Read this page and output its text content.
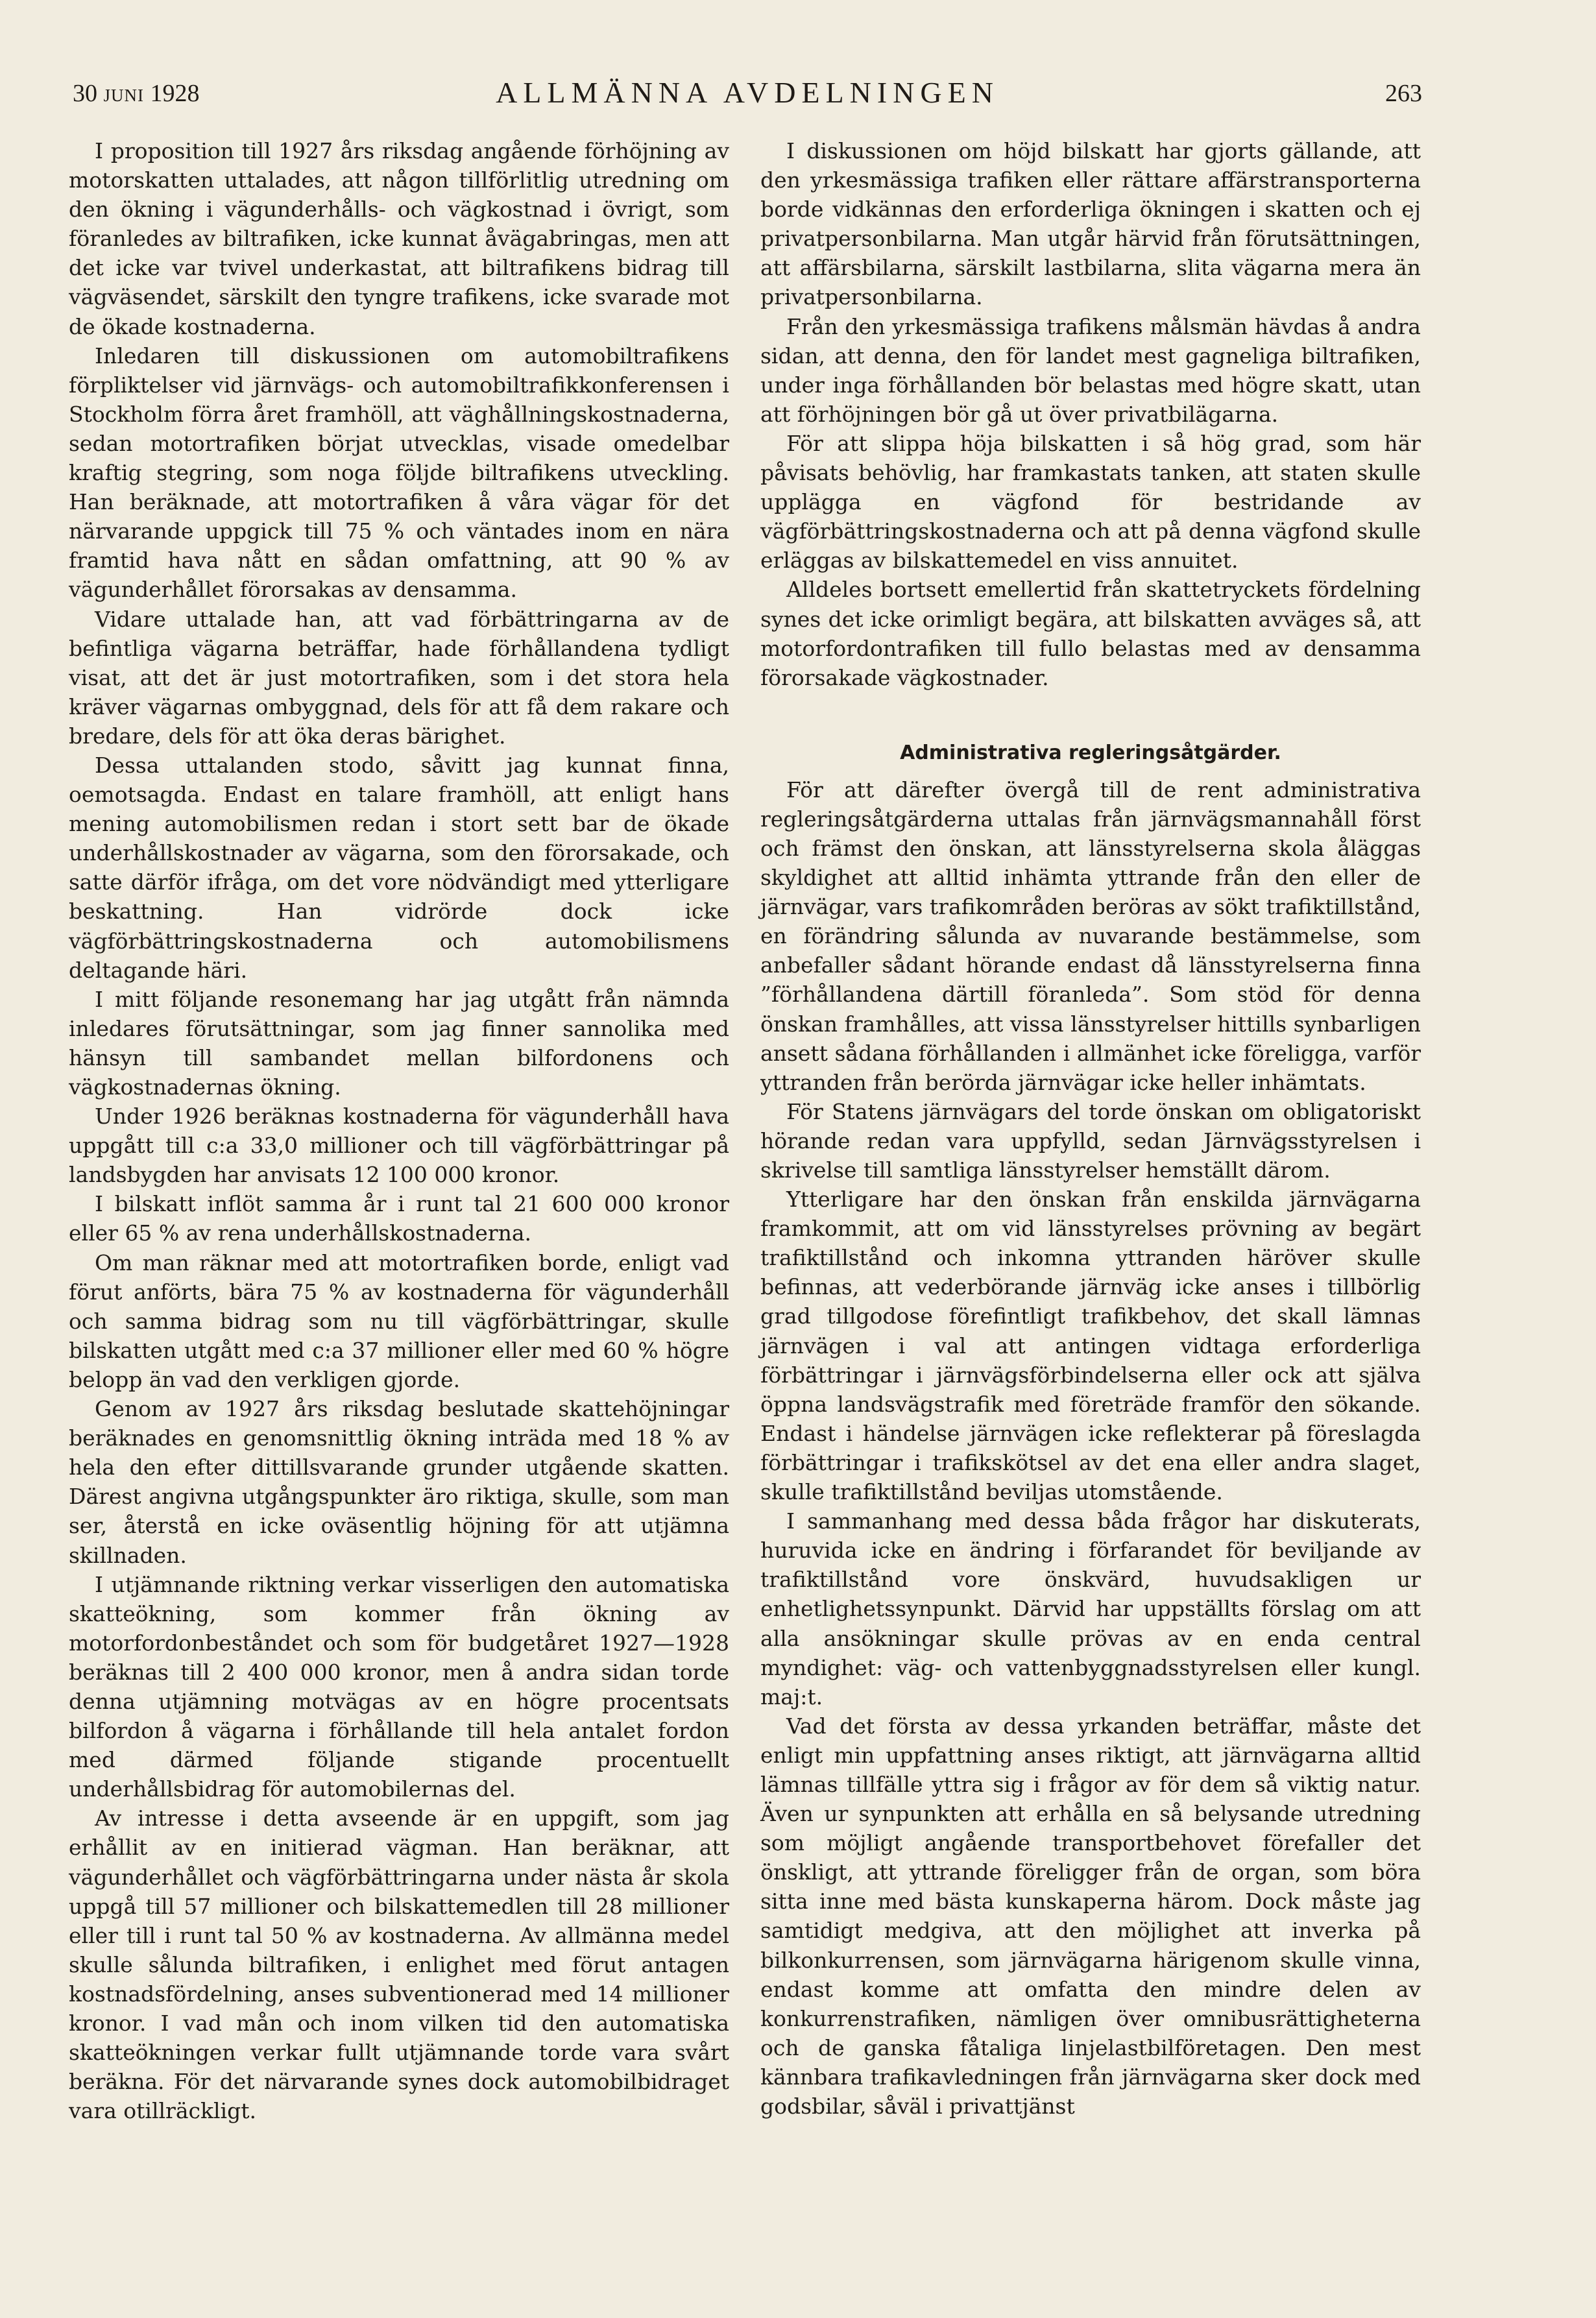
30 JUNI 1928	ALLMÄNNA AVDELNINGEN	263

I proposition till 1927 års riksdag angående förhöjning av motorskatten uttalades, att någon tillförlitlig utredning om den ökning i vägunderhålls- och vägkostnad i övrigt, som föranledes av biltrafiken, icke kunnat åvägabringas, men att det icke var tvivel underkastat, att biltrafikens bidrag till vägväsendet, särskilt den tyngre trafikens, icke svarade mot de ökade kostnaderna.

Inledaren till diskussionen om automobiltrafikens förpliktelser vid järnvägs- och automobiltrafikkonferensen i Stockholm förra året framhöll, att väghållningskostnaderna, sedan motortrafiken börjat utvecklas, visade omedelbar kraftig stegring, som noga följde biltrafikens utveckling. Han beräknade, att motortrafiken å våra vägar för det närvarande uppgick till 75 % och väntades inom en nära framtid hava nått en sådan omfattning, att 90 % av vägunderhållet förorsakas av densamma.

Vidare uttalade han, att vad förbättringarna av de befintliga vägarna beträffar, hade förhållandena tydligt visat, att det är just motortrafiken, som i det stora hela kräver vägarnas ombyggnad, dels för att få dem rakare och bredare, dels för att öka deras bärighet.

Dessa uttalanden stodo, såvitt jag kunnat finna, oemotsagda. Endast en talare framhöll, att enligt hans mening automobilismen redan i stort sett bar de ökade underhållskostnader av vägarna, som den förorsakade, och satte därför ifråga, om det vore nödvändigt med ytterligare beskattning. Han vidrörde dock icke vägförbättringskostnaderna och automobilismens deltagande häri.

I mitt följande resonemang har jag utgått från nämnda inledares förutsättningar, som jag finner sannolika med hänsyn till sambandet mellan bilfordonens och vägkostnadernas ökning.

Under 1926 beräknas kostnaderna för vägunderhåll hava uppgått till c:a 33,0 millioner och till vägförbättringar på landsbygden har anvisats 12 100 000 kronor.

I bilskatt inflöt samma år i runt tal 21 600 000 kronor eller 65 % av rena underhållskostnaderna.

Om man räknar med att motortrafiken borde, enligt vad förut anförts, bära 75 % av kostnaderna för vägunderhåll och samma bidrag som nu till vägförbättringar, skulle bilskatten utgått med c:a 37 millioner eller med 60 % högre belopp än vad den verkligen gjorde.

Genom av 1927 års riksdag beslutade skattehöjningar beräknades en genomsnittlig ökning inträda med 18 % av hela den efter dittillsvarande grunder utgående skatten. Därest angivna utgångspunkter äro riktiga, skulle, som man ser, återstå en icke oväsentlig höjning för att utjämna skillnaden.

I utjämnande riktning verkar visserligen den automatiska skatteökning, som kommer från ökning av motorfordonbeståndet och som för budgetåret 1927—1928 beräknas till 2 400 000 kronor, men å andra sidan torde denna utjämning motvägas av en högre procentsats bilfordon å vägarna i förhållande till hela antalet fordon med därmed följande stigande procentuellt underhållsbidrag för automobilernas del.

Av intresse i detta avseende är en uppgift, som jag erhållit av en initierad vägman. Han beräknar, att vägunderhållet och vägförbättringarna under nästa år skola uppgå till 57 millioner och bilskattemedlen till 28 millioner eller till i runt tal 50 % av kostnaderna. Av allmänna medel skulle sålunda biltrafiken, i enlighet med förut antagen kostnadsfördelning, anses subventionerad med 14 millioner kronor. I vad mån och inom vilken tid den automatiska skatteökningen verkar fullt utjämnande torde vara svårt beräkna. För det närvarande synes dock automobilbidraget vara otillräckligt.

I diskussionen om höjd bilskatt har gjorts gällande, att den yrkesmässiga trafiken eller rättare affärstransporterna borde vidkännas den erforderliga ökningen i skatten och ej privatpersonbilarna. Man utgår härvid från förutsättningen, att affärsbilarna, särskilt lastbilarna, slita vägarna mera än privatpersonbilarna.

Från den yrkesmässiga trafikens målsmän hävdas å andra sidan, att denna, den för landet mest gagneliga biltrafiken, under inga förhållanden bör belastas med högre skatt, utan att förhöjningen bör gå ut över privatbilägarna.

För att slippa höja bilskatten i så hög grad, som här påvisats behövlig, har framkastats tanken, att staten skulle upplägga en vägfond för bestridande av vägförbättringskostnaderna och att på denna vägfond skulle erläggas av bilskattemedel en viss annuitet.

Alldeles bortsett emellertid från skattetryckets fördelning synes det icke orimligt begära, att bilskatten avväges så, att motorfordontrafiken till fullo belastas med av densamma förorsakade vägkostnader.

Administrativa regleringsåtgärder.

För att därefter övergå till de rent administrativa regleringsåtgärderna uttalas från järnvägsmannahåll först och främst den önskan, att länsstyrelserna skola åläggas skyldighet att alltid inhämta yttrande från den eller de järnvägar, vars trafikområden beröras av sökt trafiktillstånd, en förändring sålunda av nuvarande bestämmelse, som anbefaller sådant hörande endast då länsstyrelserna finna ”förhållandena därtill föranleda”. Som stöd för denna önskan framhålles, att vissa länsstyrelser hittills synbarligen ansett sådana förhållanden i allmänhet icke föreligga, varför yttranden från berörda järnvägar icke heller inhämtats.

För Statens järnvägars del torde önskan om obligatoriskt hörande redan vara uppfylld, sedan Järnvägsstyrelsen i skrivelse till samtliga länsstyrelser hemställt därom.

Ytterligare har den önskan från enskilda järnvägarna framkommit, att om vid länsstyrelses prövning av begärt trafiktillstånd och inkomna yttranden häröver skulle befinnas, att vederbörande järnväg icke anses i tillbörlig grad tillgodose förefintligt trafikbehov, det skall lämnas järnvägen i val att antingen vidtaga erforderliga förbättringar i järnvägsförbindelserna eller ock att själva öppna landsvägstrafik med företräde framför den sökande. Endast i händelse järnvägen icke reflekterar på föreslagda förbättringar i trafikskötsel av det ena eller andra slaget, skulle trafiktillstånd beviljas utomstående.

I sammanhang med dessa båda frågor har diskuterats, huruvida icke en ändring i förfarandet för beviljande av trafiktillstånd vore önskvärd, huvudsakligen ur enhetlighetssynpunkt. Därvid har uppställts förslag om att alla ansökningar skulle prövas av en enda central myndighet: väg- och vattenbyggnadsstyrelsen eller kungl. maj:t.

Vad det första av dessa yrkanden beträffar, måste det enligt min uppfattning anses riktigt, att järnvägarna alltid lämnas tillfälle yttra sig i frågor av för dem så viktig natur. Även ur synpunkten att erhålla en så belysande utredning som möjligt angående transportbehovet förefaller det önskligt, att yttrande föreligger från de organ, som böra sitta inne med bästa kunskaperna härom. Dock måste jag samtidigt medgiva, att den möjlighet att inverka på bilkonkurrensen, som järnvägarna härigenom skulle vinna, endast komme att omfatta den mindre delen av konkurrenstrafiken, nämligen över omnibusrättigheterna och de ganska fåtaliga linjelastbilföretagen. Den mest kännbara trafikavledningen från järnvägarna sker dock med godsbilar, såväl i privattjänst
